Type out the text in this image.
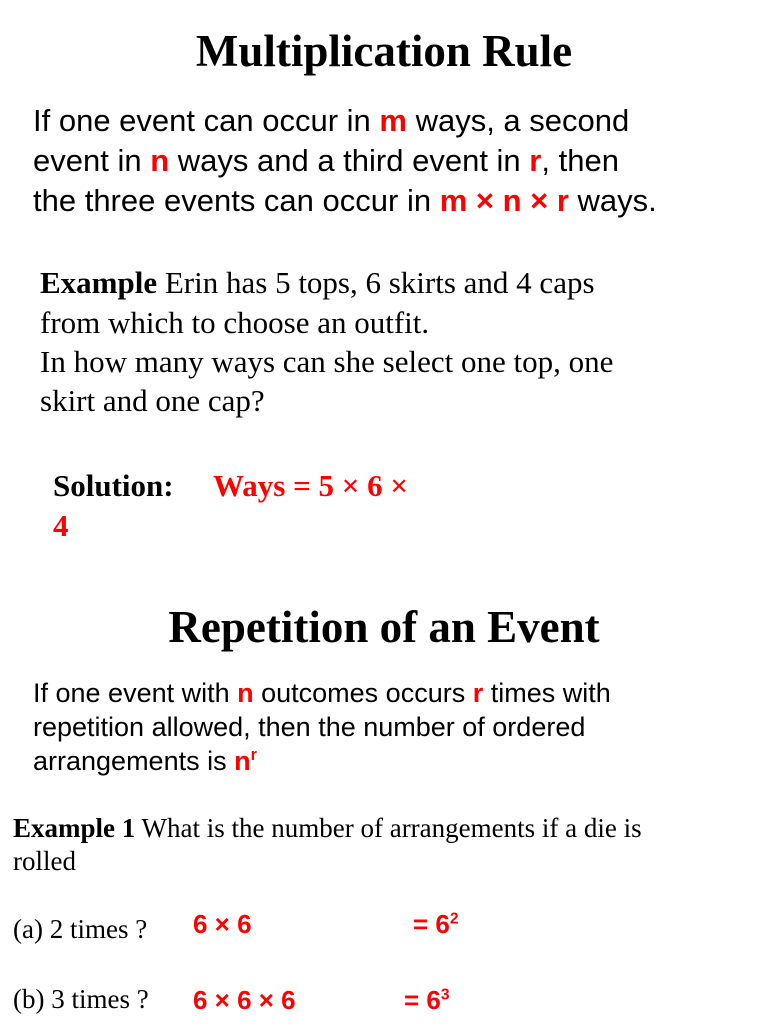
Multiplication Rule
If one event can occur in m ways, a second
event in n ways and a third event in r, then
the three events can occur in m × n × r ways.
Example Erin has 5 tops, 6 skirts and 4 caps
from which to choose an outfit.
In how many ways can she select one top, one
skirt and one cap?
Solution: Ways = 5 × 6 ×
4
Repetition of an Event
If one event with n outcomes occurs r times with
repetition allowed, then the number of ordered
arrangements is $n^r$
Example 1 What is the number of arrangements if a die is
rolled
(a) 2 times ? 6 × 6	= $6^2$
(b) 3 times ? 6 × 6 × 6	= $6^3$
